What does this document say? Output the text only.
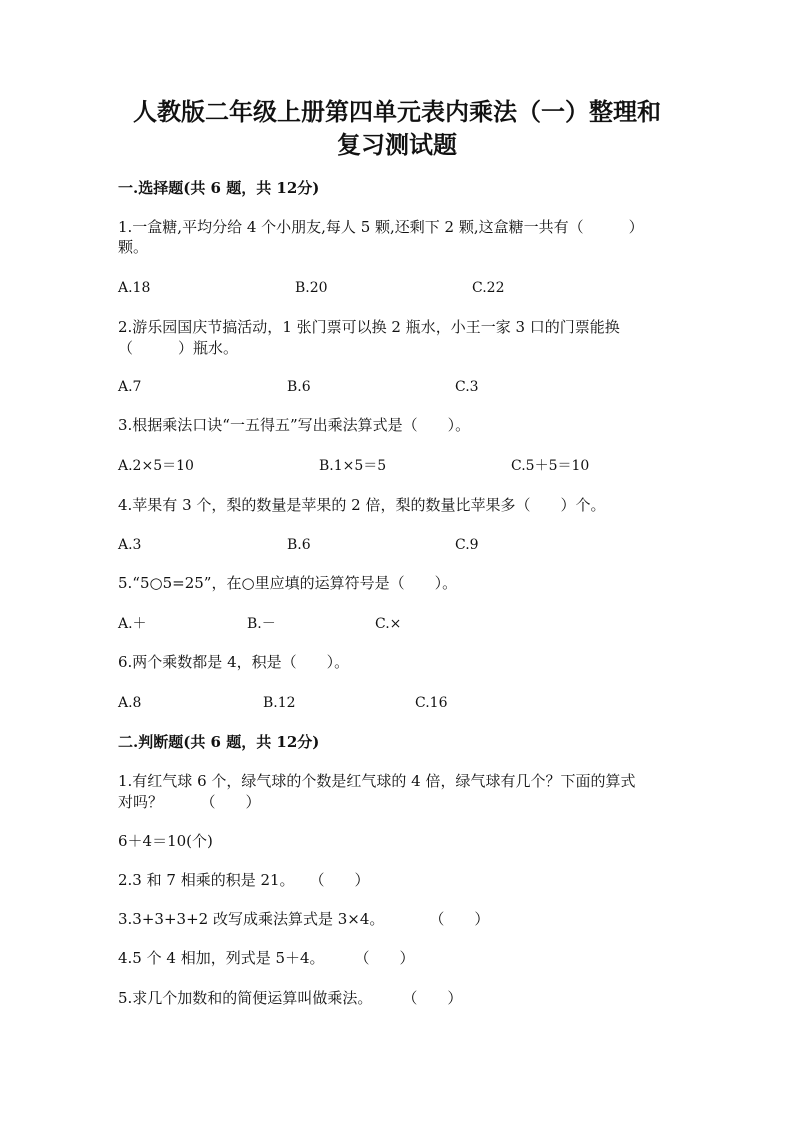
人教版二年级上册第四单元表内乘法（一）整理和
复习测试题
一.选择题(共 6 题，共 12分)
1.一盒糖,平均分给 4 个小朋友,每人 5 颗,还剩下 2 颗,这盒糖一共有（　　　）
颗。
A.18	B.20	C.22
2.游乐园国庆节搞活动，1 张门票可以换 2 瓶水，小王一家 3 口的门票能换
（　　　）瓶水。
A.7	B.6	C.3
3.根据乘法口诀“一五得五”写出乘法算式是（　　）。
A.2×5＝10	B.1×5＝5	C.5＋5＝10
4.苹果有 3 个，梨的数量是苹果的 2 倍，梨的数量比苹果多（　　）个。
A.3	B.6	C.9
5.“5○5=25”，在○里应填的运算符号是（　　）。
A.＋	B.－	C.×
6.两个乘数都是 4，积是（　　）。
A.8	B.12	C.16
二.判断题(共 6 题，共 12分)
1.有红气球 6 个，绿气球的个数是红气球的 4 倍，绿气球有几个？下面的算式
对吗？　　　（　　）
6＋4＝10(个)
2.3 和 7 相乘的积是 21。　　（　　）
3.3+3+3+2 改写成乘法算式是 3×4。　　　　（　　）
4.5 个 4 相加，列式是 5＋4。　　　（　　）
5.求几个加数和的简便运算叫做乘法。　　　（　　）
